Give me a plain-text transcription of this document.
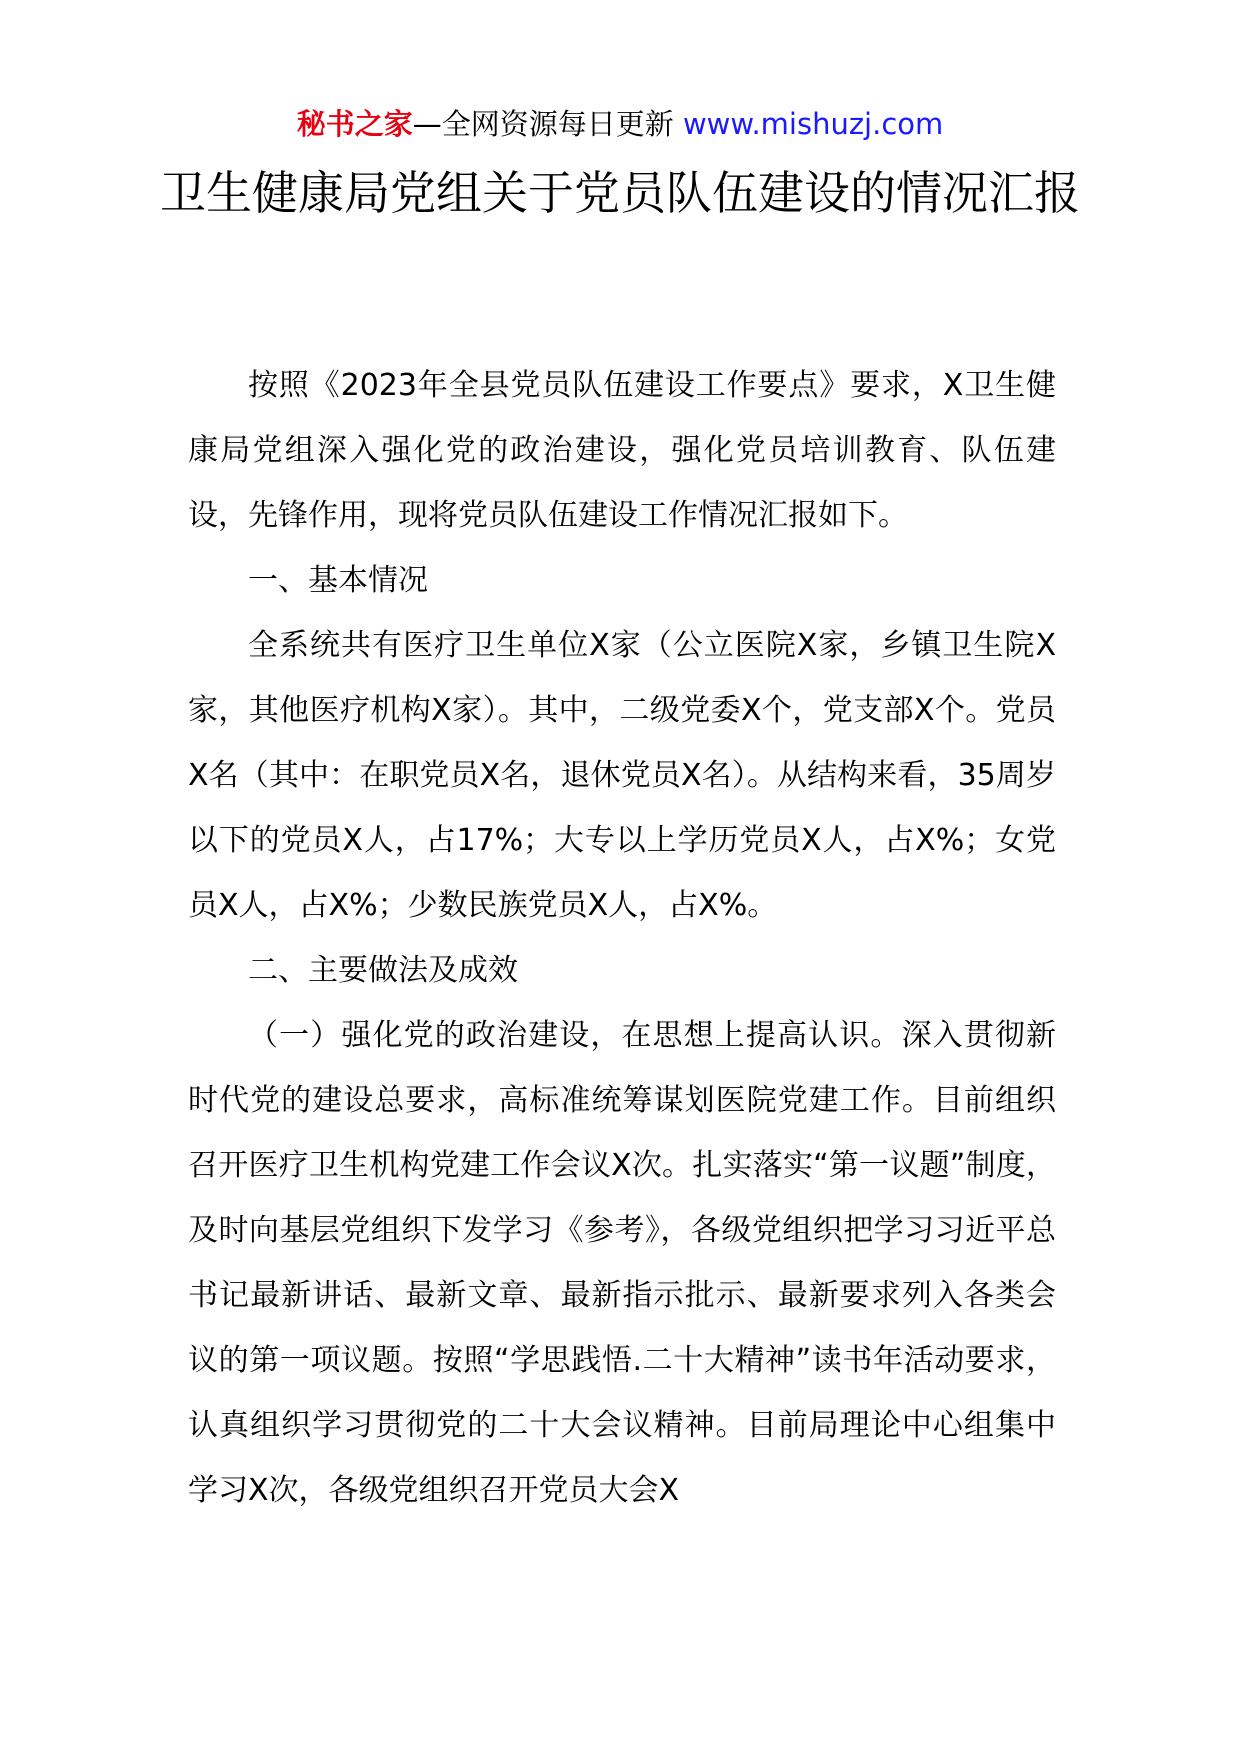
秘书之家—全网资源每日更新 www.mishuzj.com
卫生健康局党组关于党员队伍建设的情况汇报

按照《2023年全县党员队伍建设工作要点》要求，X卫生健康局党组深入强化党的政治建设，强化党员培训教育、队伍建设，先锋作用，现将党员队伍建设工作情况汇报如下。

一、基本情况

全系统共有医疗卫生单位X家（公立医院X家，乡镇卫生院X家，其他医疗机构X家）。其中，二级党委X个，党支部X个。党员X名（其中：在职党员X名，退休党员X名）。从结构来看，35周岁以下的党员X人，占17%；大专以上学历党员X人，占X%；女党员X人，占X%；少数民族党员X人，占X%。

二、主要做法及成效

（一）强化党的政治建设，在思想上提高认识。深入贯彻新时代党的建设总要求，高标准统筹谋划医院党建工作。目前组织召开医疗卫生机构党建工作会议X次。扎实落实“第一议题”制度，及时向基层党组织下发学习《参考》，各级党组织把学习习近平总书记最新讲话、最新文章、最新指示批示、最新要求列入各类会议的第一项议题。按照“学思践悟.二十大精神”读书年活动要求，认真组织学习贯彻党的二十大会议精神。目前局理论中心组集中学习X次，各级党组织召开党员大会X
